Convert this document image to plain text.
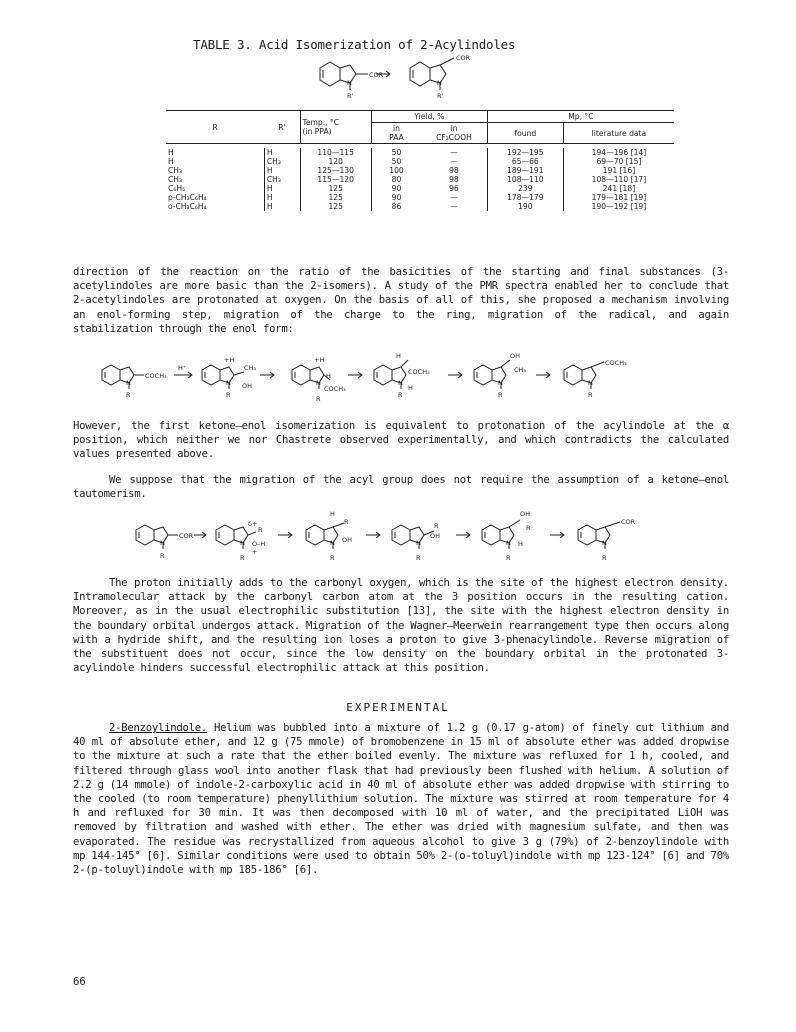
TABLE 3. Acid Isomerization of 2-Acylindoles
N	N
COR
R'
COR
R'
R	R'	Temp., °C
(in PPA)	Yield, %		Mp, °C	
			in
PAA	in
CF₃COOH	found	literature data

H	H	110—115	50	—	192—195	194—196 [14]
H	CH₃	120	50	—	65—66	69—70 [15]
CH₃	H	125—130	100	98	189—191	191 [16]
CH₃	CH₃	115—120	80	98	108—110	108—110 [17]
C₆H₅	H	125	90	96	239	241 [18]
p-CH₃C₆H₄	H	125	90	—	178—179	179—181 [19]
o-CH₃C₆H₄	H	125	86	—	190	190—192 [19]
direction of the reaction on the ratio of the basicities of the starting and final substances (3-acetylindoles are more basic than the 2-isomers). A study of the PMR spectra enabled her to conclude that 2-acetylindoles are protonated at oxygen. On the basis of all of this, she proposed a mechanism involving an enol-forming step, migration of the charge to the ring, migration of the radical, and again stabilization through the enol form:
N
COCH₃
R
H⁺
N
+H
CH₃
OH
R
N
+H
H
COCH₃
R
N
H
COCH₃
H
R
N
OH
CH₃
R
N
COCH₃
R
However, the first ketone–enol isomerization is equivalent to protonation of the acylindole at the α position, which neither we nor Chastrete observed experimentally, and which contradicts the calculated values presented above.
We suppose that the migration of the acyl group does not require the assumption of a ketone–enol tautomerism.
N
COR
R
N
δ+
R
O–H
+
R
N
H
R
OH
R
N
OH
R
R
N
OH
R
H
R
N
COR
R
The proton initially adds to the carbonyl oxygen, which is the site of the highest electron density. Intramolecular attack by the carbonyl carbon atom at the 3 position occurs in the resulting cation. Moreover, as in the usual electrophilic substitution [13], the site with the highest electron density in the boundary orbital undergos attack. Migration of the Wagner–Meerwein rearrangement type then occurs along with a hydride shift, and the resulting ion loses a proton to give 3-phenacylindole. Reverse migration of the substituent does not occur, since the low density on the boundary orbital in the protonated 3-acylindole hinders successful electrophilic attack at this position.
EXPERIMENTAL
2-Benzoylindole. Helium was bubbled into a mixture of 1.2 g (0.17 g-atom) of finely cut lithium and 40 ml of absolute ether, and 12 g (75 mmole) of bromobenzene in 15 ml of absolute ether was added dropwise to the mixture at such a rate that the ether boiled evenly. The mixture was refluxed for 1 h, cooled, and filtered through glass wool into another flask that had previously been flushed with helium. A solution of 2.2 g (14 mmole) of indole-2-carboxylic acid in 40 ml of absolute ether was added dropwise with stirring to the cooled (to room temperature) phenyllithium solution. The mixture was stirred at room temperature for 4 h and refluxed for 30 min. It was then decomposed with 10 ml of water, and the precipitated LiOH was removed by filtration and washed with ether. The ether was dried with magnesium sulfate, and then was evaporated. The residue was recrystallized from aqueous alcohol to give 3 g (79%) of 2-benzoylindole with mp 144-145° [6]. Similar conditions were used to obtain 50% 2-(o-toluyl)indole with mp 123-124° [6] and 70% 2-(p-toluyl)indole with mp 185-186° [6].
66
